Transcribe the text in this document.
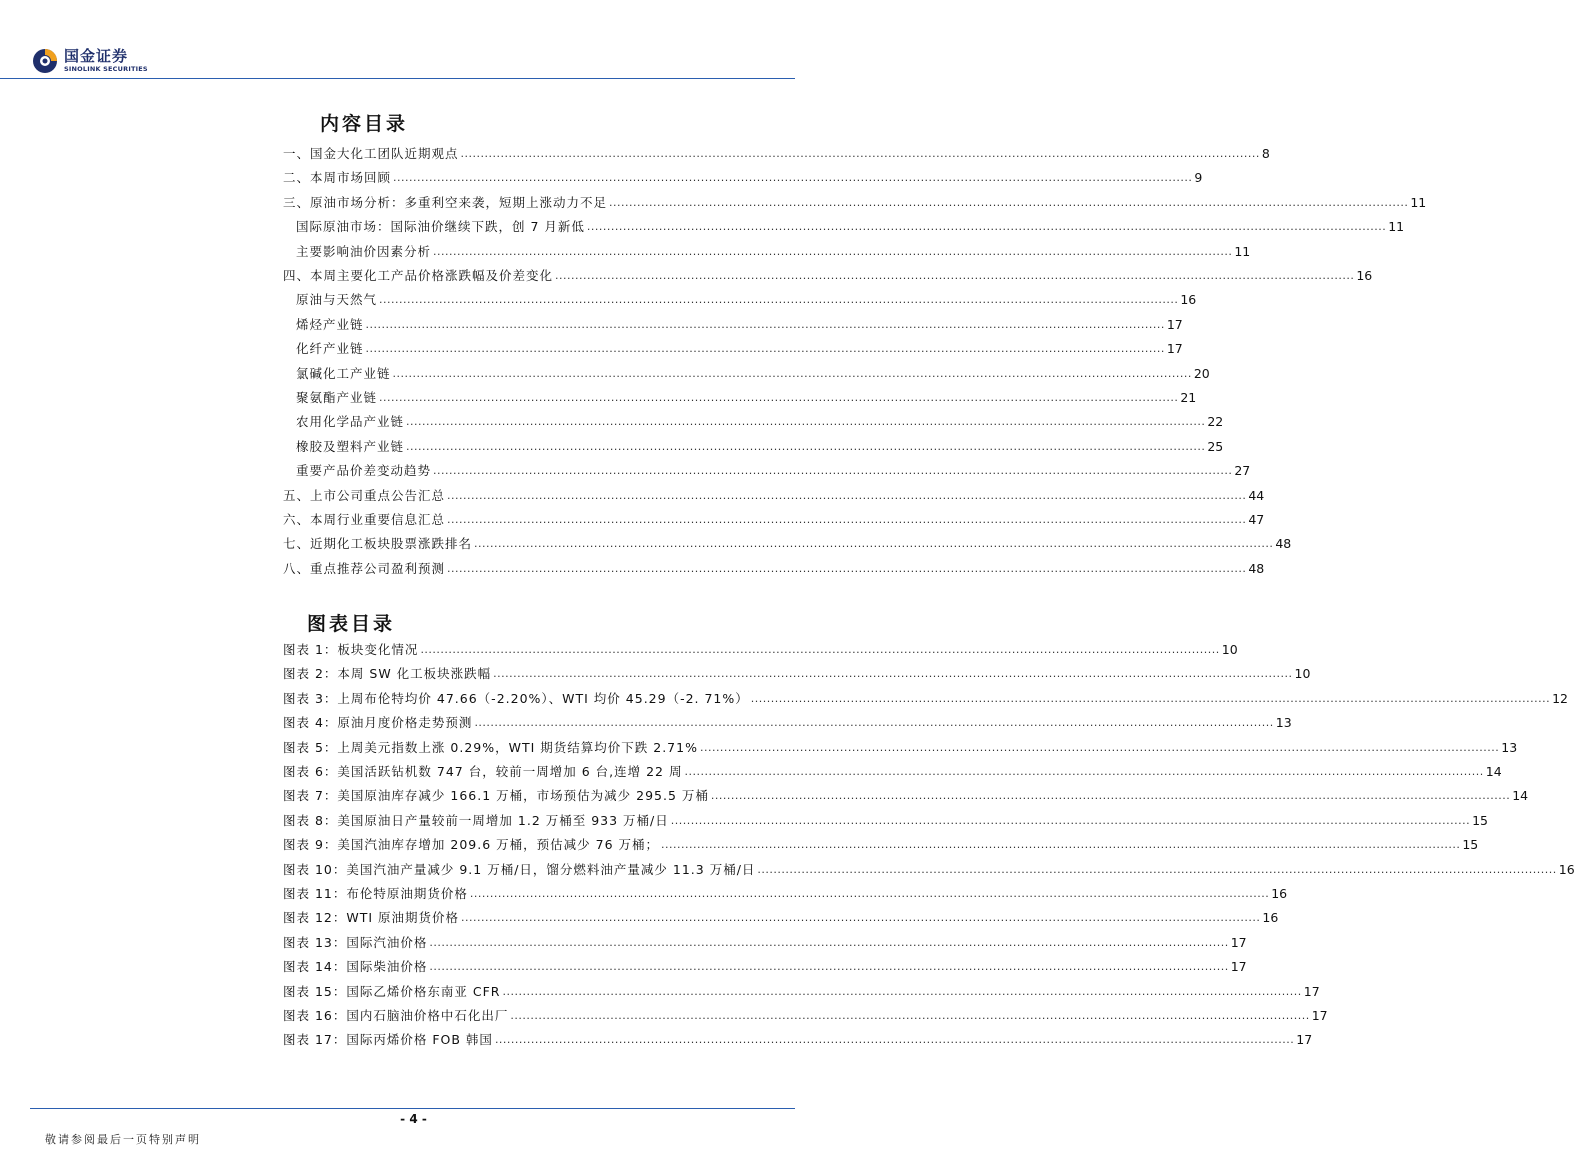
国金证券
SINOLINK SECURITIES
内容目录
一、国金大化工团队近期观点 ........................................................................................................................................................................................................ 8
二、本周市场回顾 ........................................................................................................................................................................................................ 9
三、原油市场分析：多重利空来袭，短期上涨动力不足 ........................................................................................................................................................................................................ 11
国际原油市场：国际油价继续下跌，创 7 月新低 ........................................................................................................................................................................................................ 11
主要影响油价因素分析 ........................................................................................................................................................................................................ 11
四、本周主要化工产品价格涨跌幅及价差变化 ........................................................................................................................................................................................................ 16
原油与天然气 ........................................................................................................................................................................................................ 16
烯烃产业链 ........................................................................................................................................................................................................ 17
化纤产业链 ........................................................................................................................................................................................................ 17
氯碱化工产业链 ........................................................................................................................................................................................................ 20
聚氨酯产业链 ........................................................................................................................................................................................................ 21
农用化学品产业链 ........................................................................................................................................................................................................ 22
橡胶及塑料产业链 ........................................................................................................................................................................................................ 25
重要产品价差变动趋势 ........................................................................................................................................................................................................ 27
五、上市公司重点公告汇总 ........................................................................................................................................................................................................ 44
六、本周行业重要信息汇总 ........................................................................................................................................................................................................ 47
七、近期化工板块股票涨跌排名 ........................................................................................................................................................................................................ 48
八、重点推荐公司盈利预测 ........................................................................................................................................................................................................ 48
图表目录
图表 1：板块变化情况 ........................................................................................................................................................................................................ 10
图表 2：本周 SW 化工板块涨跌幅 ........................................................................................................................................................................................................ 10
图表 3：上周布伦特均价 47.66（-2.20%）、WTI 均价 45.29（-2. 71%） ........................................................................................................................................................................................................ 12
图表 4：原油月度价格走势预测 ........................................................................................................................................................................................................ 13
图表 5：上周美元指数上涨 0.29%，WTI 期货结算均价下跌 2.71% ........................................................................................................................................................................................................ 13
图表 6：美国活跃钻机数 747 台，较前一周增加 6 台,连增 22 周 ........................................................................................................................................................................................................ 14
图表 7：美国原油库存减少 166.1 万桶，市场预估为减少 295.5 万桶 ........................................................................................................................................................................................................ 14
图表 8：美国原油日产量较前一周增加 1.2 万桶至 933 万桶/日 ........................................................................................................................................................................................................ 15
图表 9：美国汽油库存增加 209.6 万桶，预估减少 76 万桶； ........................................................................................................................................................................................................ 15
图表 10：美国汽油产量减少 9.1 万桶/日，馏分燃料油产量减少 11.3 万桶/日 ........................................................................................................................................................................................................ 16
图表 11：布伦特原油期货价格 ........................................................................................................................................................................................................ 16
图表 12：WTI 原油期货价格 ........................................................................................................................................................................................................ 16
图表 13：国际汽油价格 ........................................................................................................................................................................................................ 17
图表 14：国际柴油价格 ........................................................................................................................................................................................................ 17
图表 15：国际乙烯价格东南亚 CFR ........................................................................................................................................................................................................ 17
图表 16：国内石脑油价格中石化出厂 ........................................................................................................................................................................................................ 17
图表 17：国际丙烯价格 FOB 韩国 ........................................................................................................................................................................................................ 17
- 4 -
敬请参阅最后一页特别声明
